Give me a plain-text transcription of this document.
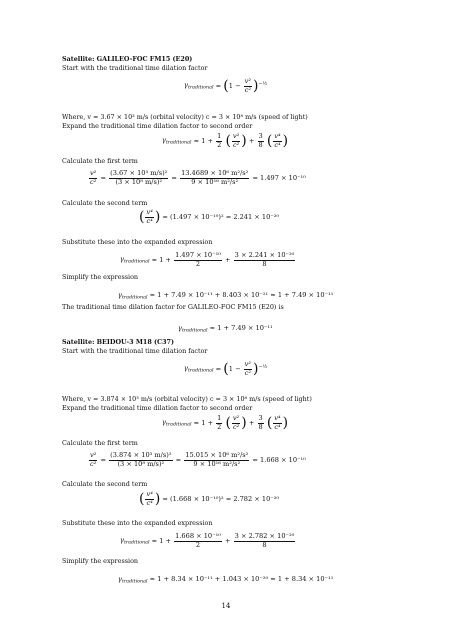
Satellite: GALILEO-FOC FM15 (E20)
Start with the traditional time dilation factor
$\gamma_{traditional} = (1 - \frac{\text{v²}}{\text{c²}} )^{-\frac{1}{2}}$
Where, v = 3.67 × 10³ m/s (orbital velocity) c = 3 × 10⁸ m/s (speed of light)
Expand the traditional time dilation factor to second order
$\gamma_{traditional} \approx 1 + \frac{1}{2}$ ( $\frac{\text{v²}}{\text{c²}}$ ) + $\frac{3}{8}$ ( $\frac{\text{v⁴}}{\text{c⁴}}$ )
Calculate the first term
$\frac{\text{v²}}{\text{c²}} = \frac{\text{(3.67 × 10³ m/s)²}}{\text{(3 × 10⁸ m/s)²}} = \frac{\text{13.4689 × 10⁶ m²/s²}}{\text{9 × 10¹⁶ m²/s²}} = 1.497 \times 10^{-10}$
Calculate the second term
( $\frac{\text{v⁴}}{\text{c⁴}}$ ) = (1.497 × 10⁻¹⁰)² = 2.241 × 10⁻²⁰
Substitute these into the expanded expression
$\gamma_{traditional} \approx 1 + \frac{\text{1.497 × 10⁻¹⁰}}{2} + \frac{\text{3 × 2.241 × 10⁻²⁰}}{8}$
Simplify the expression
$\gamma_{traditional} \approx 1 + 7.49 \times 10^{-11} + 8.403 \times 10^{-21} \approx 1 + 7.49 \times 10^{-11}$
The traditional time dilation factor for GALILEO-FOC FM15 (E20) is
$\gamma_{traditional} \approx 1 + 7.49 \times 10^{-11}$
Satellite: BEIDOU-3 M18 (C37)
Start with the traditional time dilation factor
$\gamma_{traditional} = (1 - \frac{\text{v²}}{\text{c²}} )^{-\frac{1}{2}}$
Where, v = 3.874 × 10³ m/s (orbital velocity) c = 3 × 10⁸ m/s (speed of light)
Expand the traditional time dilation factor to second order
$\gamma_{traditional} \approx 1 + \frac{1}{2}$ ( $\frac{\text{v²}}{\text{c²}}$ ) + $\frac{3}{8}$ ( $\frac{\text{v⁴}}{\text{c⁴}}$ )
Calculate the first term
$\frac{\text{v²}}{\text{c²}} = \frac{\text{(3.874 × 10³ m/s)²}}{\text{(3 × 10⁸ m/s)²}} = \frac{\text{15.015 × 10⁶ m²/s²}}{\text{9 × 10¹⁶ m²/s²}} = 1.668 \times 10^{-10}$
Calculate the second term
( $\frac{\text{v⁴}}{\text{c⁴}}$ ) = (1.668 × 10⁻¹⁰)² = 2.782 × 10⁻²⁰
Substitute these into the expanded expression
$\gamma_{traditional} \approx 1 + \frac{\text{1.668 × 10⁻¹⁰}}{2} + \frac{\text{3 × 2.782 × 10⁻²⁰}}{8}$
Simplify the expression
$\gamma_{traditional} \approx 1 + 8.34 \times 10^{-11} + 1.043 \times 10^{-20} \approx 1 + 8.34 \times 10^{-11}$
14
